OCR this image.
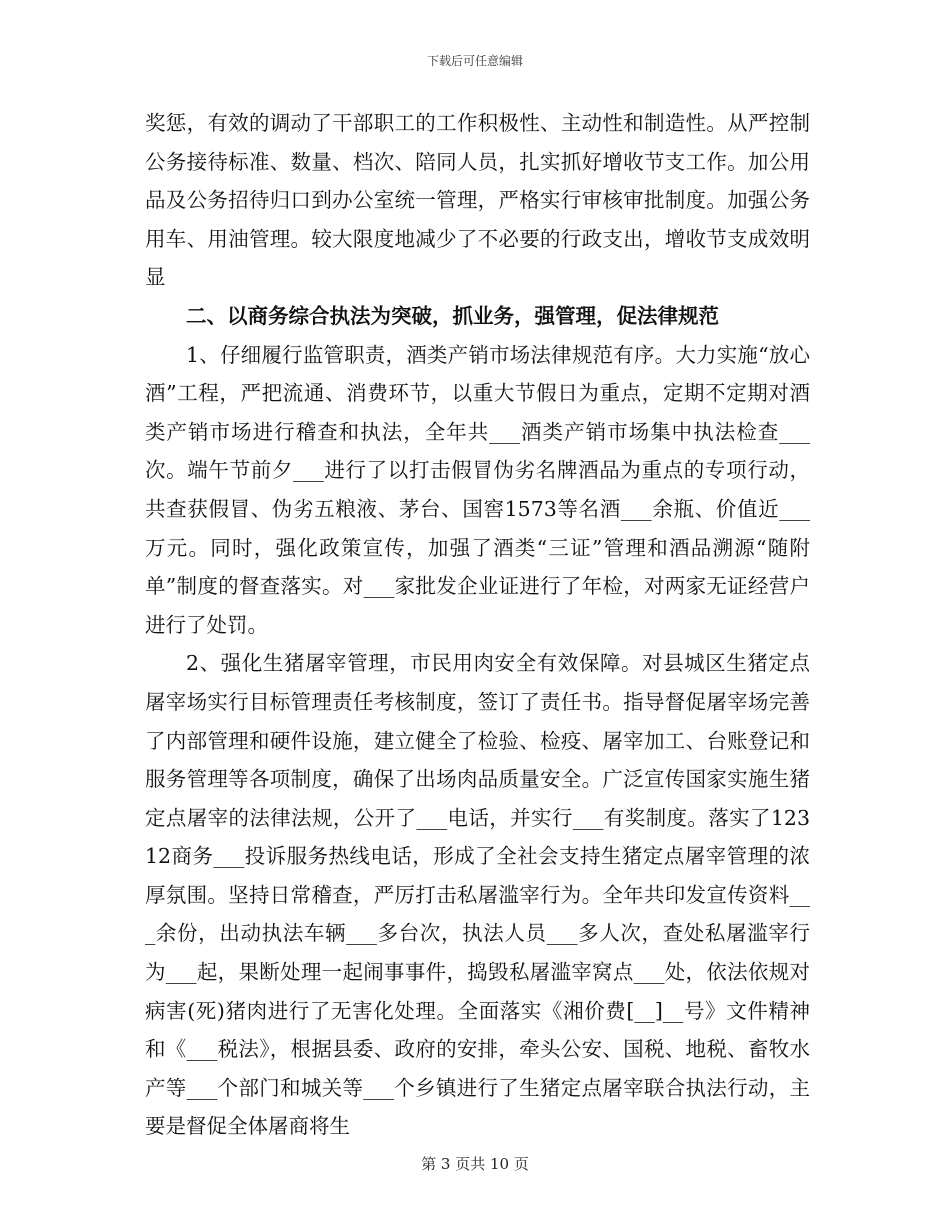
下载后可任意编辑

奖惩，有效的调动了干部职工的工作积极性、主动性和制造性。从严控制公务接待标准、数量、档次、陪同人员，扎实抓好增收节支工作。加公用品及公务招待归口到办公室统一管理，严格实行审核审批制度。加强公务用车、用油管理。较大限度地减少了不必要的行政支出，增收节支成效明显

二、以商务综合执法为突破，抓业务，强管理，促法律规范

1、仔细履行监管职责，酒类产销市场法律规范有序。大力实施“放心酒”工程，严把流通、消费环节，以重大节假日为重点，定期不定期对酒类产销市场进行稽查和执法，全年共___酒类产销市场集中执法检查___次。端午节前夕___进行了以打击假冒伪劣名牌酒品为重点的专项行动，共查获假冒、伪劣五粮液、茅台、国窖1573等名酒___余瓶、价值近___万元。同时，强化政策宣传，加强了酒类“三证”管理和酒品溯源“随附单”制度的督查落实。对___家批发企业证进行了年检，对两家无证经营户进行了处罚。

2、强化生猪屠宰管理，市民用肉安全有效保障。对县城区生猪定点屠宰场实行目标管理责任考核制度，签订了责任书。指导督促屠宰场完善了内部管理和硬件设施，建立健全了检验、检疫、屠宰加工、台账登记和服务管理等各项制度，确保了出场肉品质量安全。广泛宣传国家实施生猪定点屠宰的法律法规，公开了___电话，并实行___有奖制度。落实了12312商务___投诉服务热线电话，形成了全社会支持生猪定点屠宰管理的浓厚氛围。坚持日常稽查，严厉打击私屠滥宰行为。全年共印发宣传资料___余份，出动执法车辆___多台次，执法人员___多人次，查处私屠滥宰行为___起，果断处理一起闹事事件，捣毁私屠滥宰窝点___处，依法依规对病害(死)猪肉进行了无害化处理。全面落实《湘价费[__]__号》文件精神和《___税法》，根据县委、政府的安排，牵头公安、国税、地税、畜牧水产等___个部门和城关等___个乡镇进行了生猪定点屠宰联合执法行动，主要是督促全体屠商将生

第 3 页共 10 页
